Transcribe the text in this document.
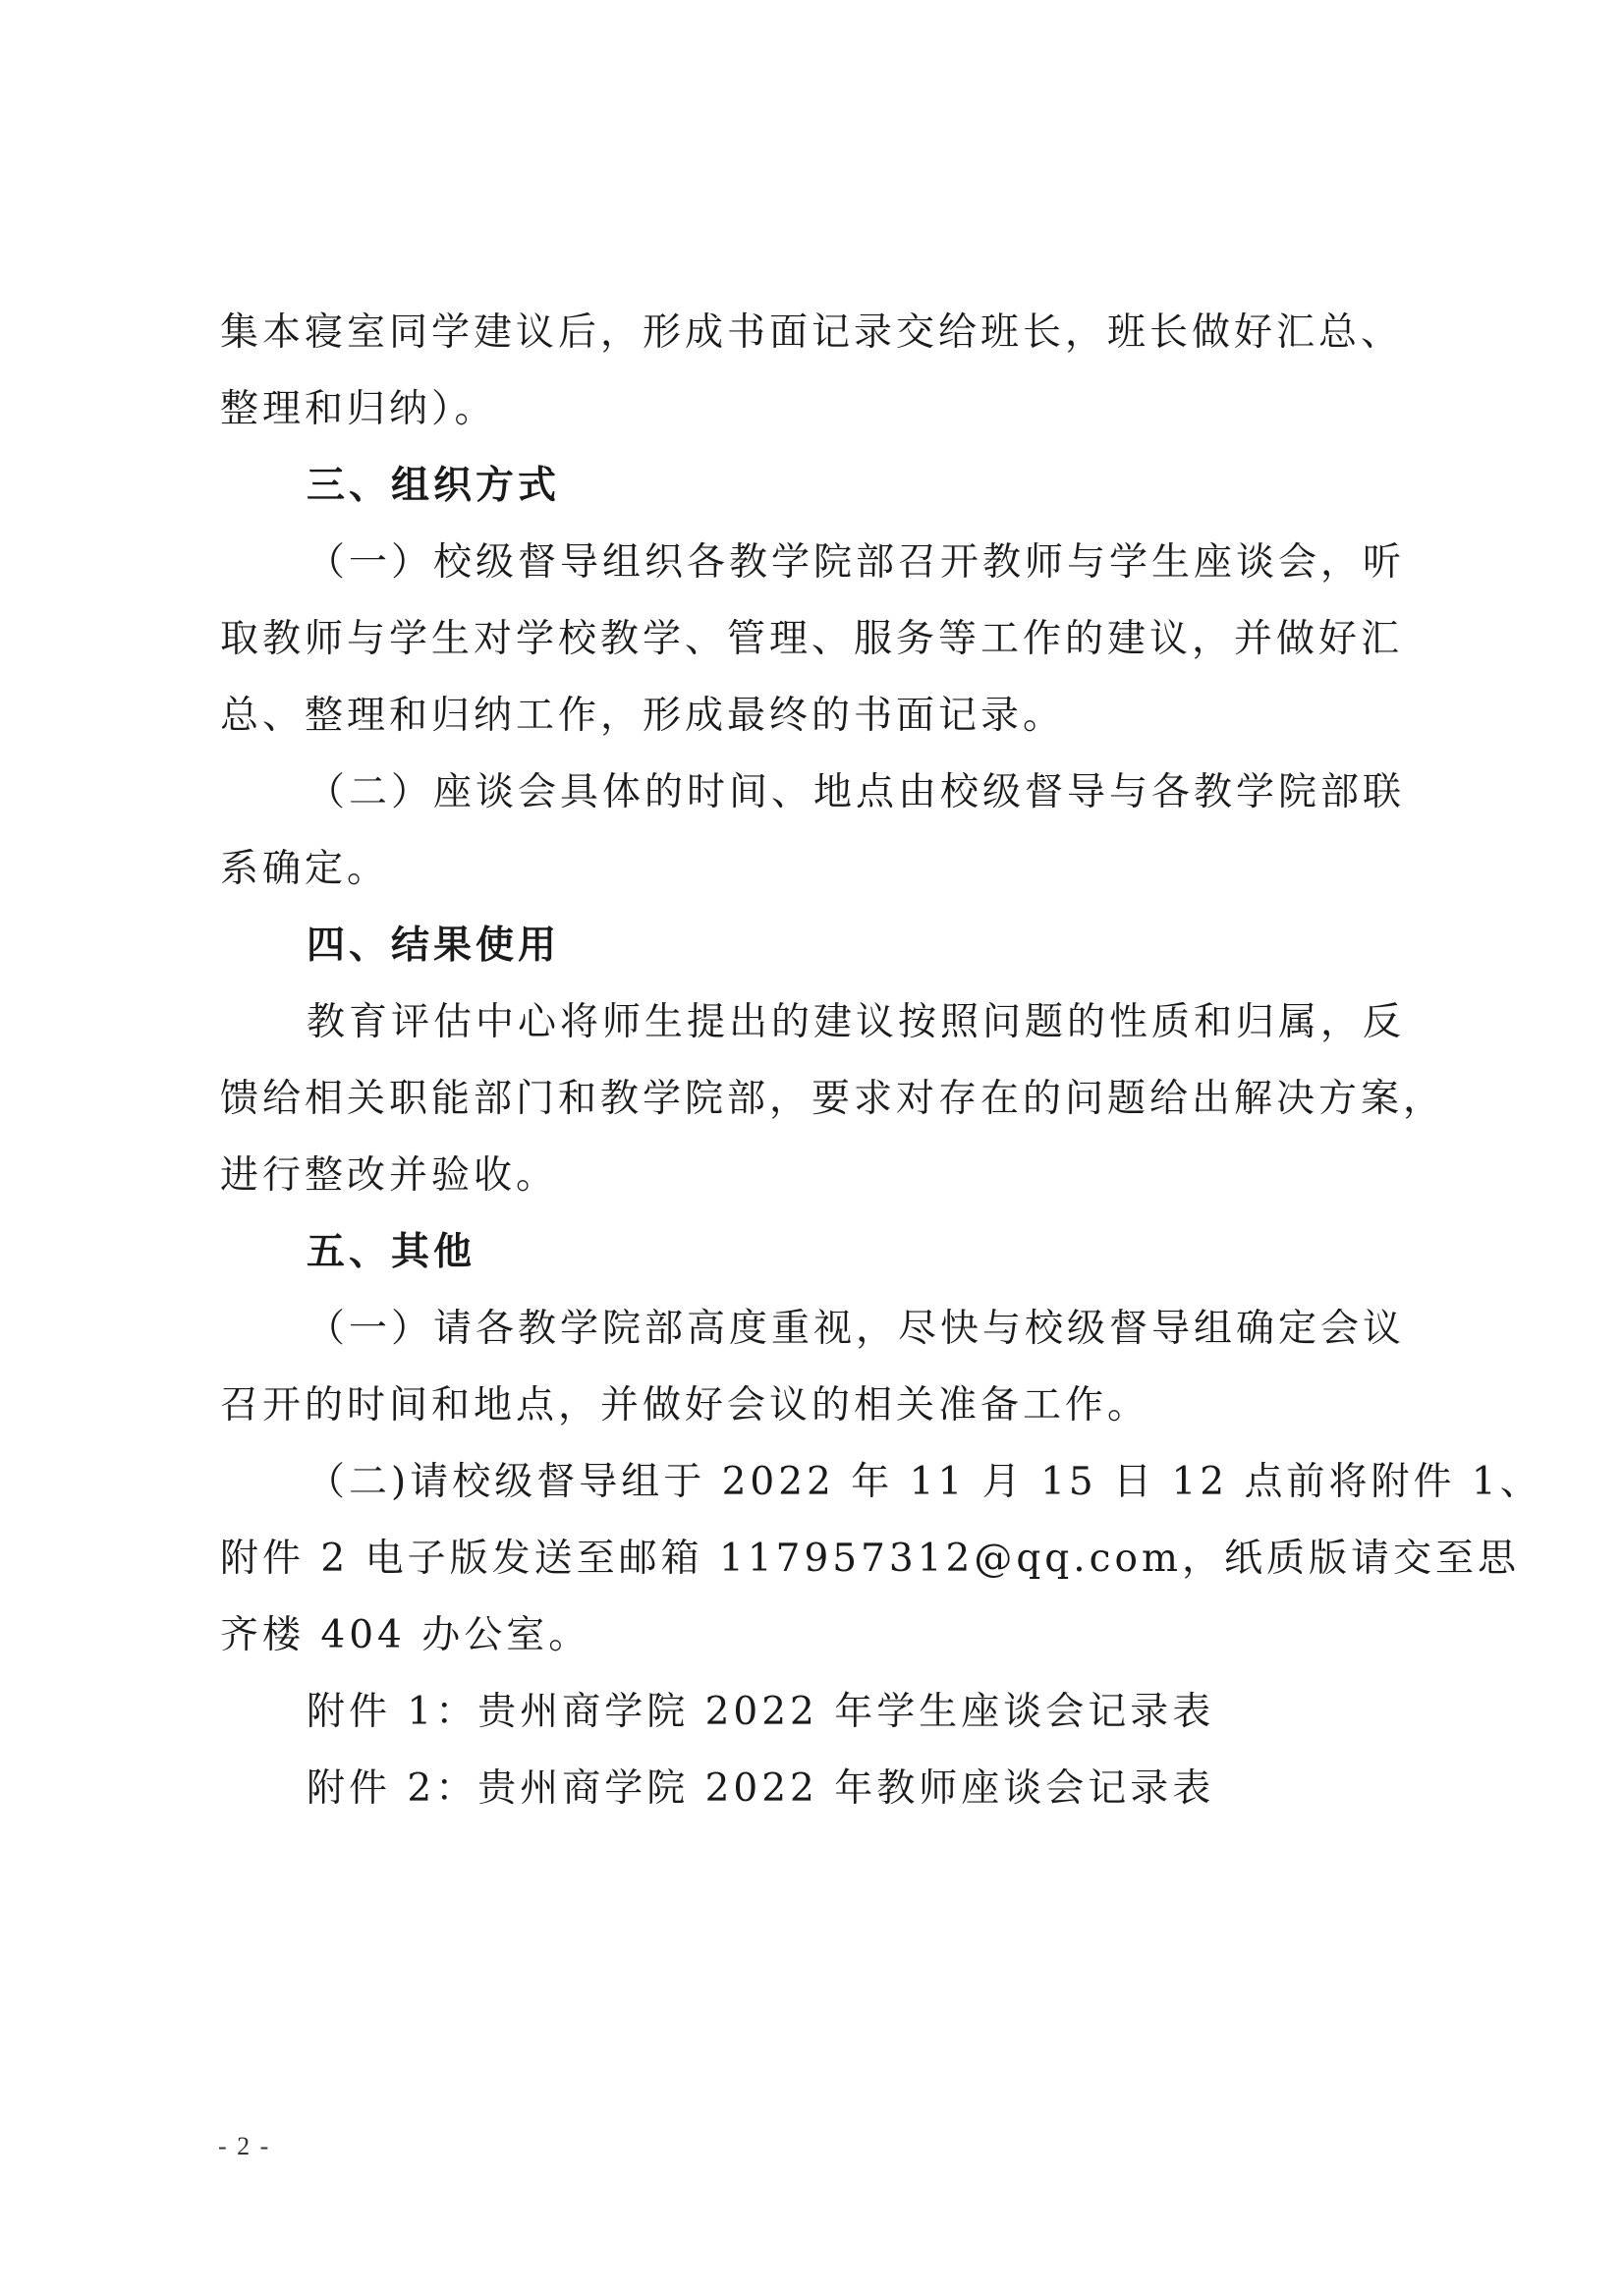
集本寝室同学建议后，形成书面记录交给班长，班长做好汇总、
整理和归纳）。

三、组织方式

（一）校级督导组织各教学院部召开教师与学生座谈会，听
取教师与学生对学校教学、管理、服务等工作的建议，并做好汇
总、整理和归纳工作，形成最终的书面记录。

（二）座谈会具体的时间、地点由校级督导与各教学院部联
系确定。

四、结果使用

教育评估中心将师生提出的建议按照问题的性质和归属，反
馈给相关职能部门和教学院部，要求对存在的问题给出解决方案，
进行整改并验收。

五、其他

（一）请各教学院部高度重视，尽快与校级督导组确定会议
召开的时间和地点，并做好会议的相关准备工作。

（二)请校级督导组于 2022 年 11 月 15 日 12 点前将附件 1、
附件 2 电子版发送至邮箱 117957312@qq.com，纸质版请交至思
齐楼 404 办公室。

附件 1：贵州商学院 2022 年学生座谈会记录表
附件 2：贵州商学院 2022 年教师座谈会记录表

- 2 -
